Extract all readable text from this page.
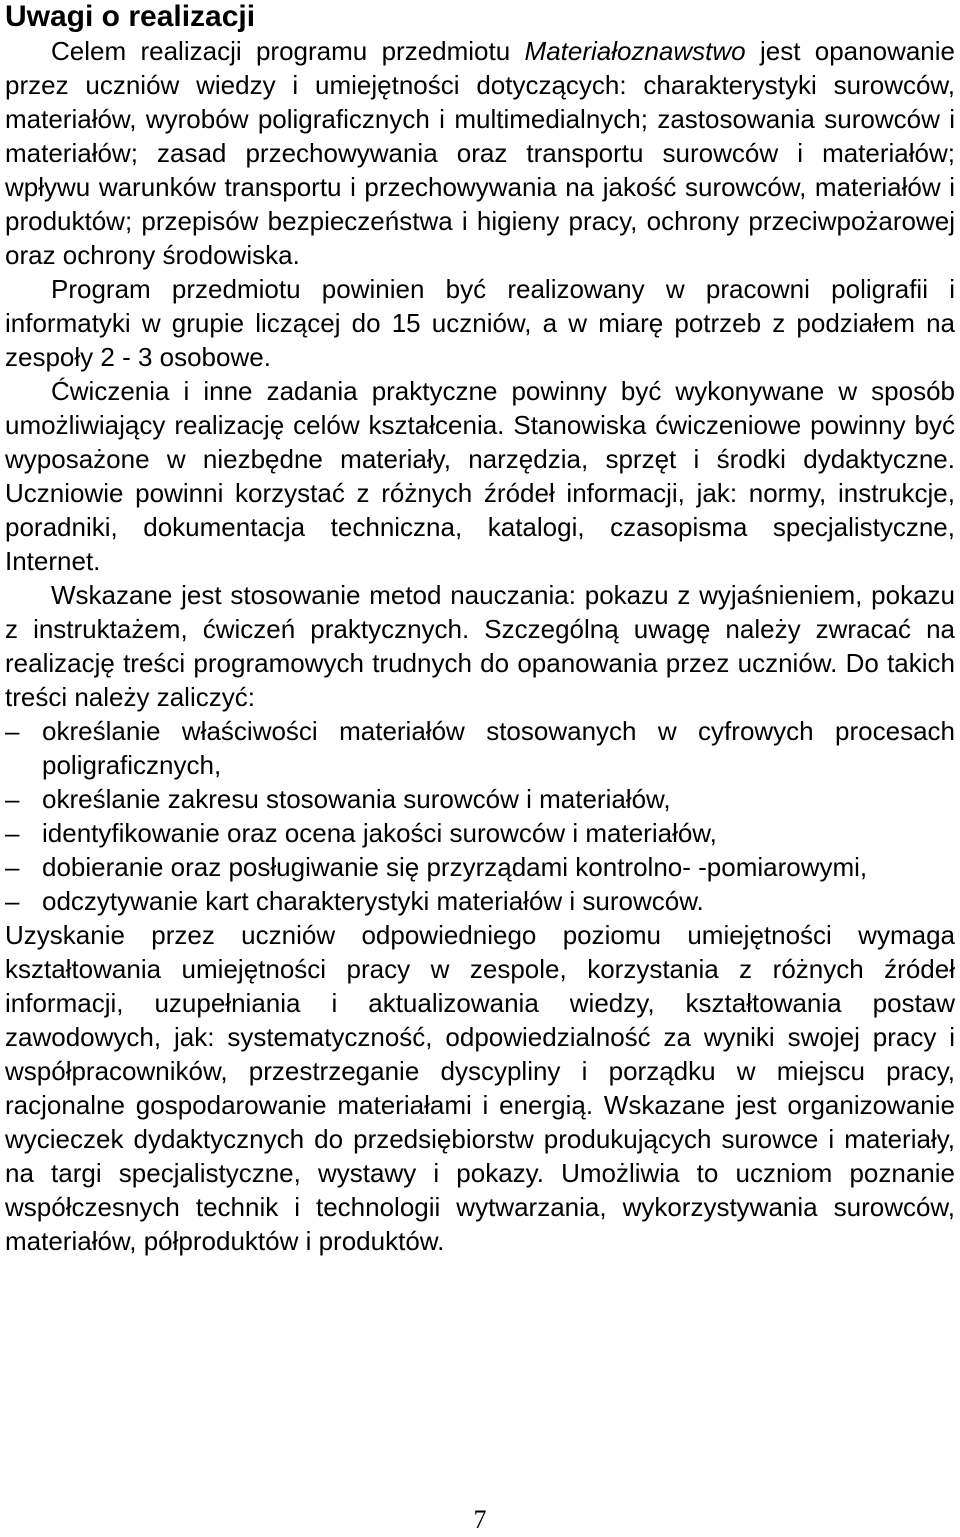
Uwagi o realizacji

Celem realizacji programu przedmiotu Materiałoznawstwo jest opanowanie przez uczniów wiedzy i umiejętności dotyczących: charakterystyki surowców, materiałów, wyrobów poligraficznych i multimedialnych; zastosowania surowców i materiałów; zasad przechowywania oraz transportu surowców i materiałów; wpływu warunków transportu i przechowywania na jakość surowców, materiałów i produktów; przepisów bezpieczeństwa i higieny pracy, ochrony przeciwpożarowej oraz ochrony środowiska.

Program przedmiotu powinien być realizowany w pracowni poligrafii i informatyki w grupie liczącej do 15 uczniów, a w miarę potrzeb z podziałem na zespoły 2 - 3 osobowe.

Ćwiczenia i inne zadania praktyczne powinny być wykonywane w sposób umożliwiający realizację celów kształcenia. Stanowiska ćwiczeniowe powinny być wyposażone w niezbędne materiały, narzędzia, sprzęt i środki dydaktyczne. Uczniowie powinni korzystać z różnych źródeł informacji, jak: normy, instrukcje, poradniki, dokumentacja techniczna, katalogi, czasopisma specjalistyczne, Internet.

Wskazane jest stosowanie metod nauczania: pokazu z wyjaśnieniem, pokazu z instruktażem, ćwiczeń praktycznych. Szczególną uwagę należy zwracać na realizację treści programowych trudnych do opanowania przez uczniów. Do takich treści należy zaliczyć:

– określanie właściwości materiałów stosowanych w cyfrowych procesach poligraficznych,
– określanie zakresu stosowania surowców i materiałów,
– identyfikowanie oraz ocena jakości surowców i materiałów,
– dobieranie oraz posługiwanie się przyrządami kontrolno- -pomiarowymi,
– odczytywanie kart charakterystyki materiałów i surowców.

Uzyskanie przez uczniów odpowiedniego poziomu umiejętności wymaga kształtowania umiejętności pracy w zespole, korzystania z różnych źródeł informacji, uzupełniania i aktualizowania wiedzy, kształtowania postaw zawodowych, jak: systematyczność, odpowiedzialność za wyniki swojej pracy i współpracowników, przestrzeganie dyscypliny i porządku w miejscu pracy, racjonalne gospodarowanie materiałami i energią. Wskazane jest organizowanie wycieczek dydaktycznych do przedsiębiorstw produkujących surowce i materiały, na targi specjalistyczne, wystawy i pokazy. Umożliwia to uczniom poznanie współczesnych technik i technologii wytwarzania, wykorzystywania surowców, materiałów, półproduktów i produktów.

7
